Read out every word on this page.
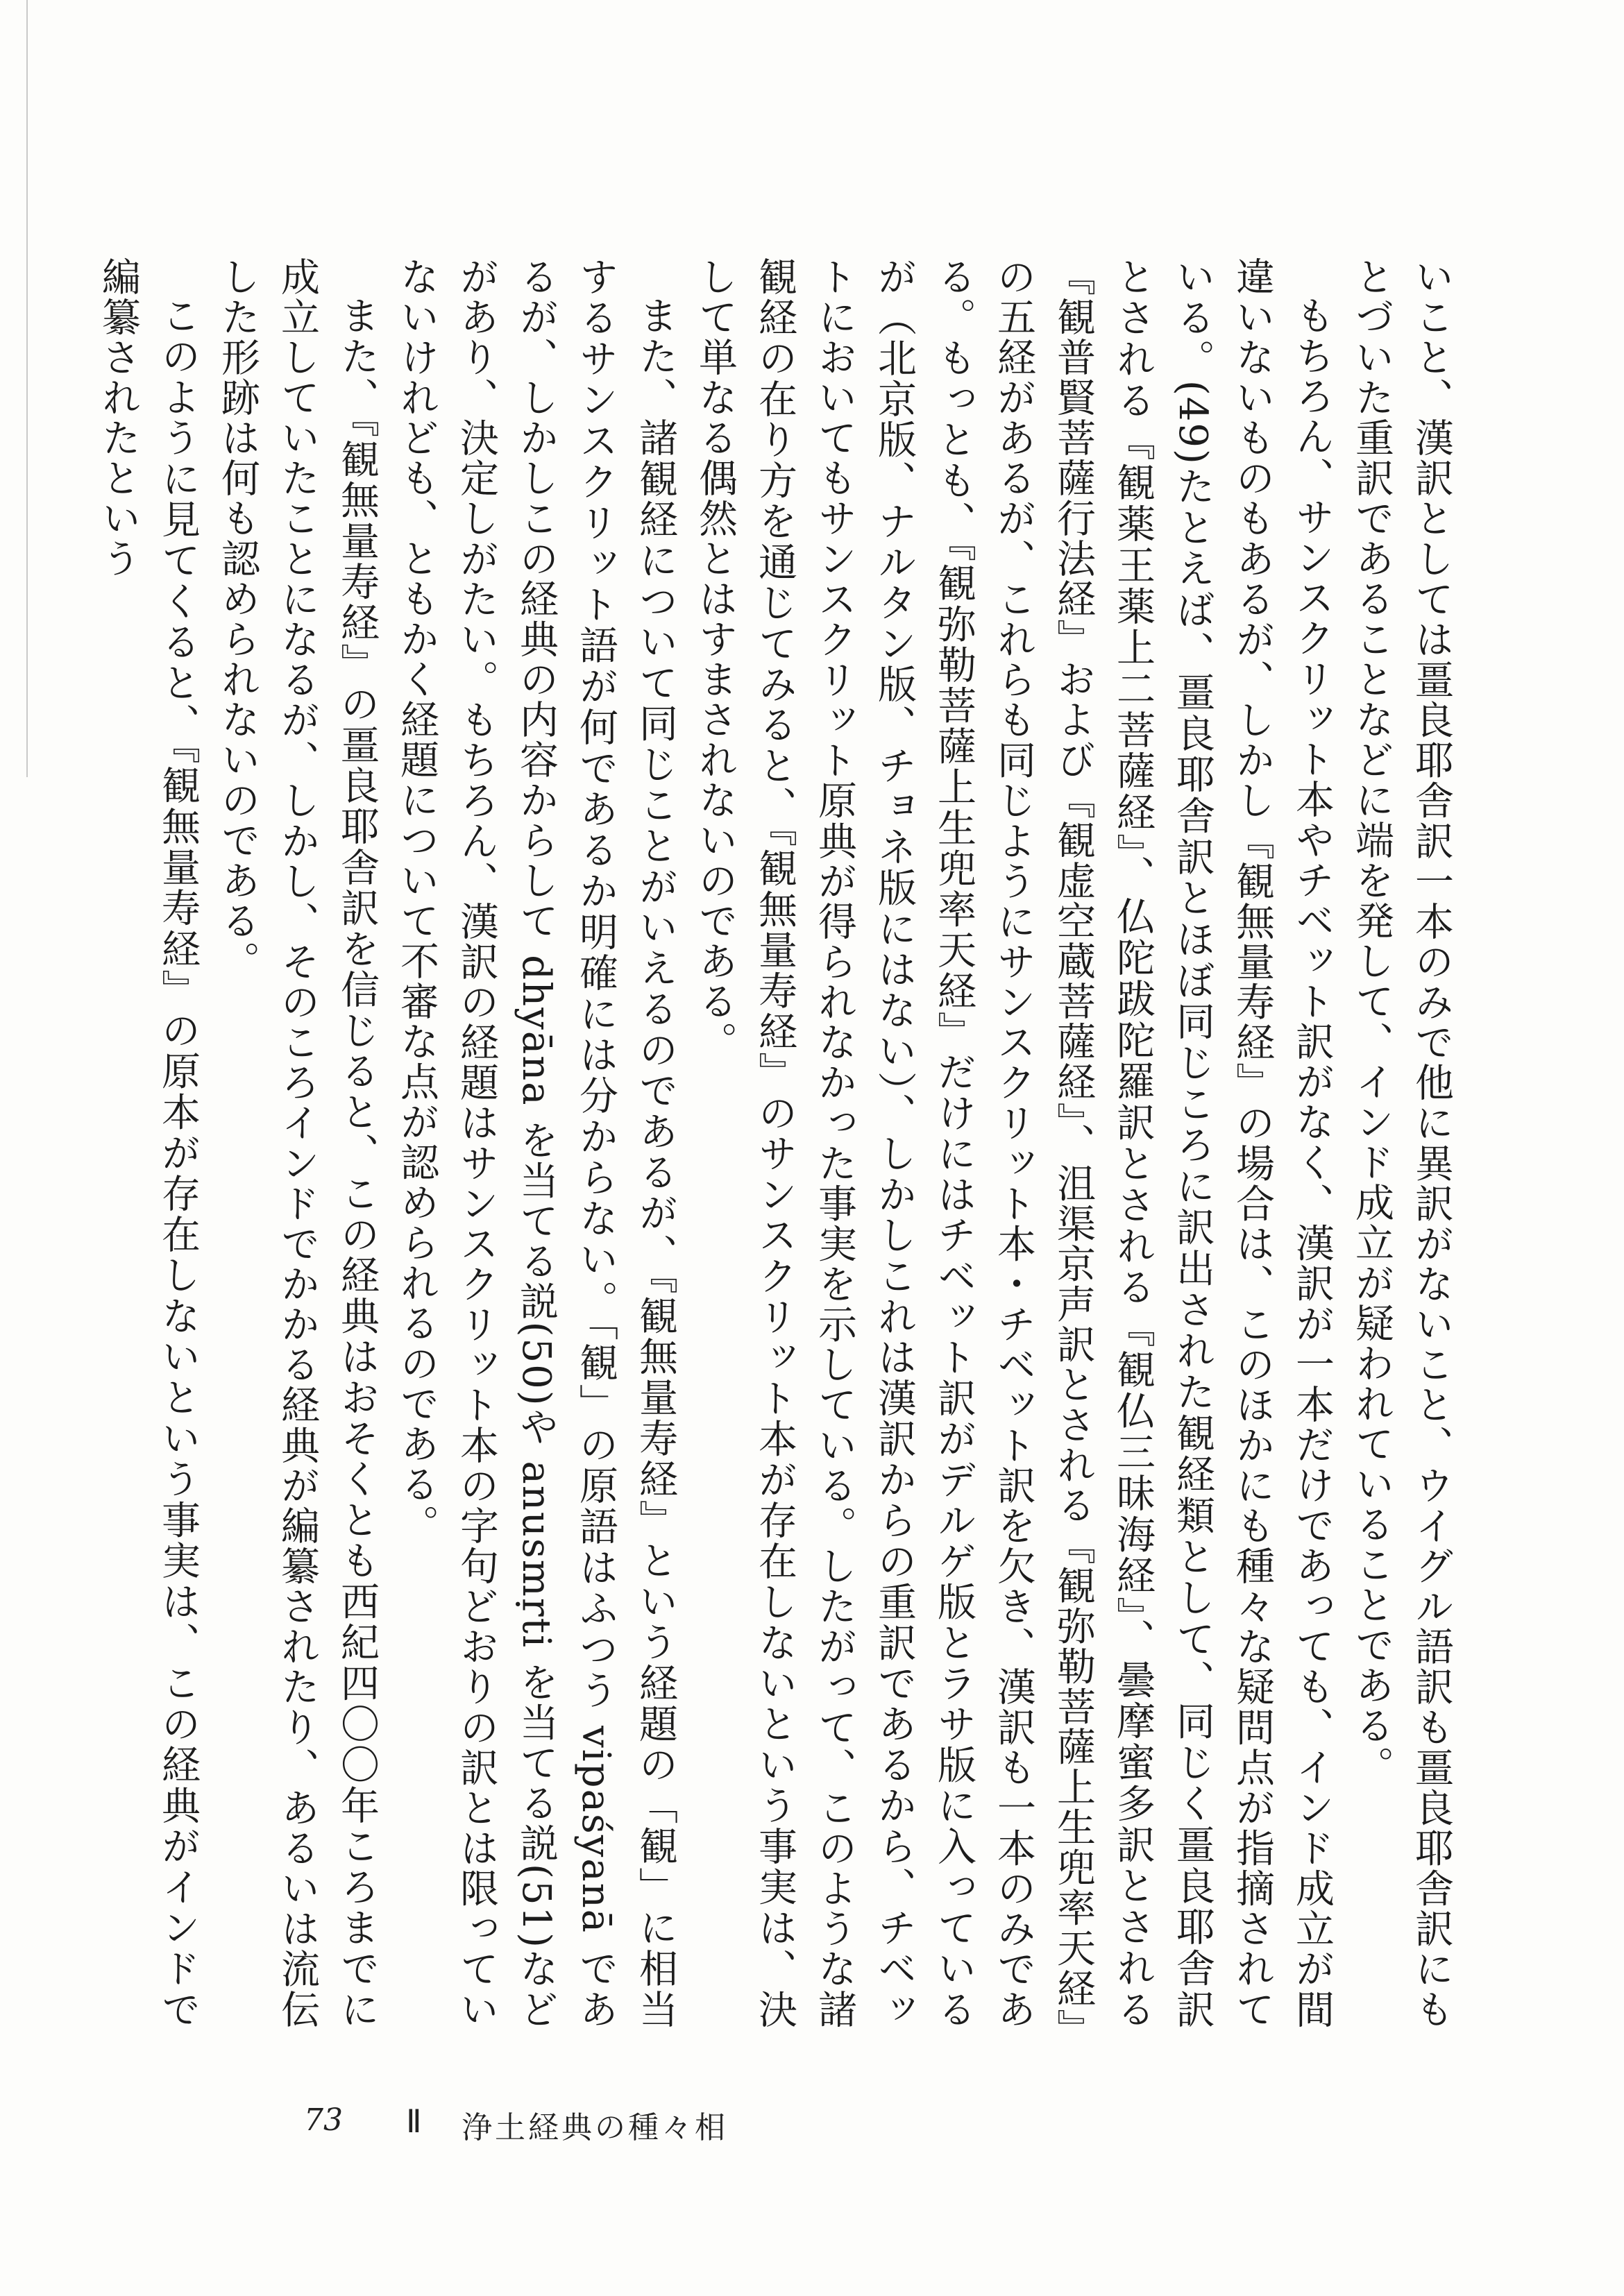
いこと、漢訳としては畺良耶舎訳一本のみで他に異訳がないこと、ウイグル語訳も畺良耶舎訳にもとづいた重訳であることなどに端を発して、インド成立が疑われていることである。

もちろん、サンスクリット本やチベット訳がなく、漢訳が一本だけであっても、インド成立が間違いないものもあるが、しかし『観無量寿経』の場合は、このほかにも種々な疑問点が指摘されている。(49)たとえば、畺良耶舎訳とほぼ同じころに訳出された観経類として、同じく畺良耶舎訳とされる『観薬王薬上二菩薩経』、仏陀跋陀羅訳とされる『観仏三昧海経』、曇摩蜜多訳とされる『観普賢菩薩行法経』および『観虚空蔵菩薩経』、沮渠京声訳とされる『観弥勒菩薩上生兜率天経』の五経があるが、これらも同じようにサンスクリット本・チベット訳を欠き、漢訳も一本のみである。もっとも、『観弥勒菩薩上生兜率天経』だけにはチベット訳がデルゲ版とラサ版に入っているが（北京版、ナルタン版、チョネ版にはない）、しかしこれは漢訳からの重訳であるから、チベットにおいてもサンスクリット原典が得られなかった事実を示している。したがって、このような諸観経の在り方を通じてみると、『観無量寿経』のサンスクリット本が存在しないという事実は、決して単なる偶然とはすまされないのである。

また、諸観経について同じことがいえるのであるが、『観無量寿経』という経題の「観」に相当するサンスクリット語が何であるか明確には分からない。「観」の原語はふつう vipaśyanā であるが、しかしこの経典の内容からして dhyāna を当てる説(50)や anusmṛti を当てる説(51)などがあり、決定しがたい。もちろん、漢訳の経題はサンスクリット本の字句どおりの訳とは限っていないけれども、ともかく経題について不審な点が認められるのである。

また、『観無量寿経』の畺良耶舎訳を信じると、この経典はおそくとも西紀四〇〇年ころまでに成立していたことになるが、しかし、そのころインドでかかる経典が編纂されたり、あるいは流伝した形跡は何も認められないのである。

このように見てくると、『観無量寿経』の原本が存在しないという事実は、この経典がインドで編纂されたという

73 Ⅱ 浄土経典の種々相
